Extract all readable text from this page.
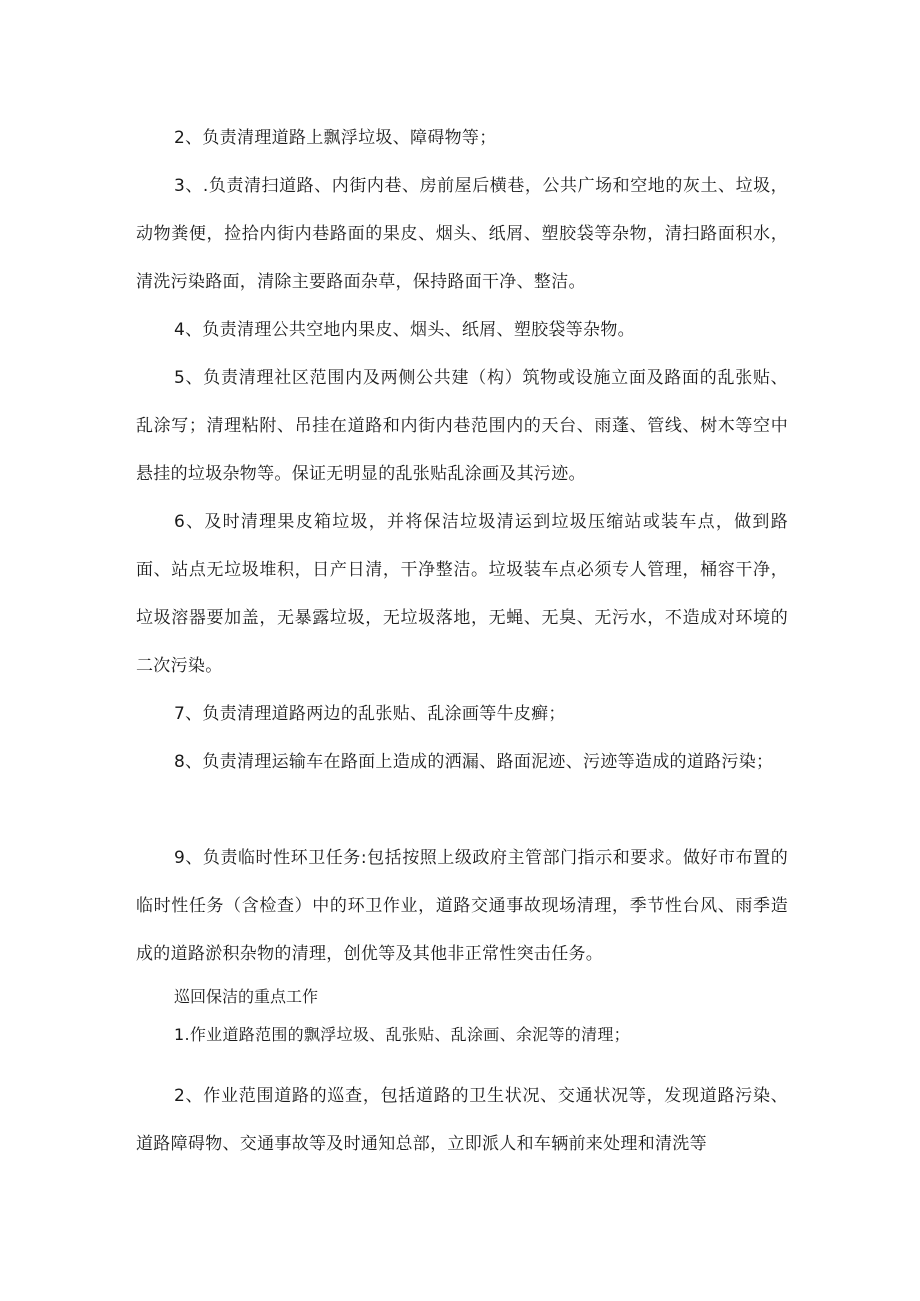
2、负责清理道路上飘浮垃圾、障碍物等；

3、.负责清扫道路、内街内巷、房前屋后横巷，公共广场和空地的灰土、垃圾，动物粪便，捡拾内街内巷路面的果皮、烟头、纸屑、塑胶袋等杂物，清扫路面积水，清洗污染路面，清除主要路面杂草，保持路面干净、整洁。

4、负责清理公共空地内果皮、烟头、纸屑、塑胶袋等杂物。

5、负责清理社区范围内及两侧公共建（构）筑物或设施立面及路面的乱张贴、乱涂写；清理粘附、吊挂在道路和内街内巷范围内的天台、雨蓬、管线、树木等空中悬挂的垃圾杂物等。保证无明显的乱张贴乱涂画及其污迹。

6、及时清理果皮箱垃圾，并将保洁垃圾清运到垃圾压缩站或装车点，做到路面、站点无垃圾堆积，日产日清，干净整洁。垃圾装车点必须专人管理，桶容干净，垃圾溶器要加盖，无暴露垃圾，无垃圾落地，无蝇、无臭、无污水，不造成对环境的二次污染。

7、负责清理道路两边的乱张贴、乱涂画等牛皮癣；

8、负责清理运输车在路面上造成的洒漏、路面泥迹、污迹等造成的道路污染；

9、负责临时性环卫任务:包括按照上级政府主管部门指示和要求。做好市布置的临时性任务（含检查）中的环卫作业，道路交通事故现场清理，季节性台风、雨季造成的道路淤积杂物的清理，创优等及其他非正常性突击任务。

巡回保洁的重点工作

1.作业道路范围的飘浮垃圾、乱张贴、乱涂画、余泥等的清理；

2、作业范围道路的巡查，包括道路的卫生状况、交通状况等，发现道路污染、道路障碍物、交通事故等及时通知总部，立即派人和车辆前来处理和清洗等
